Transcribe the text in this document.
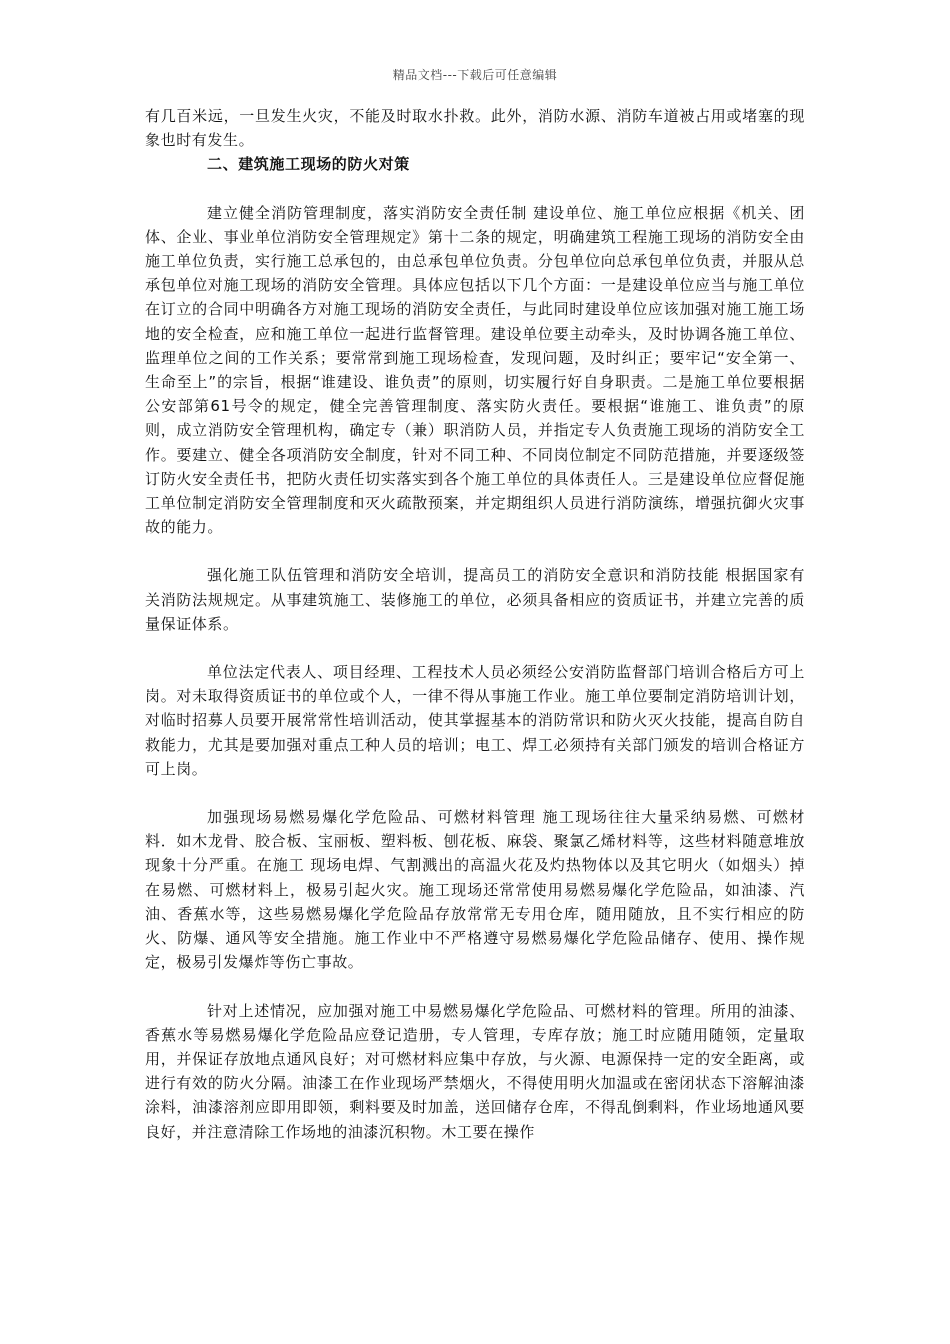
精品文档---下载后可任意编辑

有几百米远，一旦发生火灾，不能及时取水扑救。此外，消防水源、消防车道被占用或堵塞的现象也时有发生。

二、建筑施工现场的防火对策

建立健全消防管理制度，落实消防安全责任制 建设单位、施工单位应根据《机关、团体、企业、事业单位消防安全管理规定》第十二条的规定，明确建筑工程施工现场的消防安全由施工单位负责，实行施工总承包的，由总承包单位负责。分包单位向总承包单位负责，并服从总承包单位对施工现场的消防安全管理。具体应包括以下几个方面：一是建设单位应当与施工单位在订立的合同中明确各方对施工现场的消防安全责任，与此同时建设单位应该加强对施工施工场地的安全检查，应和施工单位一起进行监督管理。建设单位要主动牵头，及时协调各施工单位、监理单位之间的工作关系；要常常到施工现场检查，发现问题，及时纠正；要牢记“安全第一、生命至上”的宗旨，根据“谁建设、谁负责”的原则，切实履行好自身职责。二是施工单位要根据公安部第61号令的规定，健全完善管理制度、落实防火责任。要根据“谁施工、谁负责”的原则，成立消防安全管理机构，确定专（兼）职消防人员，并指定专人负责施工现场的消防安全工作。要建立、健全各项消防安全制度，针对不同工种、不同岗位制定不同防范措施，并要逐级签订防火安全责任书，把防火责任切实落实到各个施工单位的具体责任人。三是建设单位应督促施工单位制定消防安全管理制度和灭火疏散预案，并定期组织人员进行消防演练，增强抗御火灾事故的能力。

强化施工队伍管理和消防安全培训，提高员工的消防安全意识和消防技能 根据国家有关消防法规规定。从事建筑施工、装修施工的单位，必须具备相应的资质证书，并建立完善的质量保证体系。

单位法定代表人、项目经理、工程技术人员必须经公安消防监督部门培训合格后方可上岗。对未取得资质证书的单位或个人，一律不得从事施工作业。施工单位要制定消防培训计划，对临时招募人员要开展常常性培训活动，使其掌握基本的消防常识和防火灭火技能，提高自防自救能力，尤其是要加强对重点工种人员的培训；电工、焊工必须持有关部门颁发的培训合格证方可上岗。

加强现场易燃易爆化学危险品、可燃材料管理 施工现场往往大量采纳易燃、可燃材料．如木龙骨、胶合板、宝丽板、塑料板、刨花板、麻袋、聚氯乙烯材料等，这些材料随意堆放现象十分严重。在施工 现场电焊、气割溅出的高温火花及灼热物体以及其它明火（如烟头）掉在易燃、可燃材料上，极易引起火灾。施工现场还常常使用易燃易爆化学危险品，如油漆、汽油、香蕉水等，这些易燃易爆化学危险品存放常常无专用仓库，随用随放，且不实行相应的防火、防爆、通风等安全措施。施工作业中不严格遵守易燃易爆化学危险品储存、使用、操作规定，极易引发爆炸等伤亡事故。

针对上述情况，应加强对施工中易燃易爆化学危险品、可燃材料的管理。所用的油漆、香蕉水等易燃易爆化学危险品应登记造册，专人管理，专库存放；施工时应随用随领，定量取用，并保证存放地点通风良好；对可燃材料应集中存放，与火源、电源保持一定的安全距离，或进行有效的防火分隔。油漆工在作业现场严禁烟火，不得使用明火加温或在密闭状态下溶解油漆涂料，油漆溶剂应即用即领，剩料要及时加盖，送回储存仓库，不得乱倒剩料，作业场地通风要良好，并注意清除工作场地的油漆沉积物。木工要在操作
